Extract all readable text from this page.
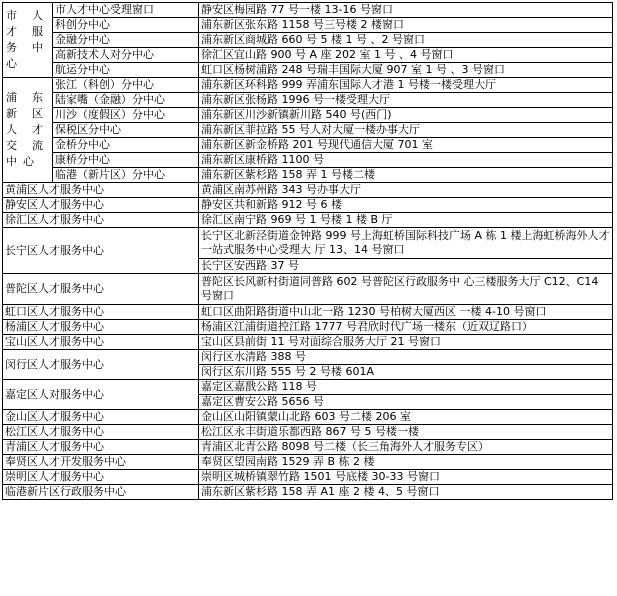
市人才服务中心	市人才中心受理窗口	静安区梅园路 77 号一楼 13-16 号窗口
	科创分中心	浦东新区张东路 1158 号三号楼 2 楼窗口
	金融分中心	浦东新区商城路 660 号 5 楼 1 号 、2 号窗口
	高新技术人对分中心	徐汇区宜山路 900 号 A 座 202 室 1 号 、4 号窗口
	航运分中心	虹口区杨树浦路 248 号瑞丰国际大厦 907 室 1 号 、3 号窗口
浦东新区人才交流中心	张江（科创）分中心	浦东新区环科路 999 弄浦东国际人才港 1 号楼一楼受理大厅
	陆家嘴（金融）分中心	浦东新区张杨路 1996 号一楼受理大厅
	川沙（度假区）分中心	浦东新区川沙新镇新川路 540 号(西门)
	保税区分中心	浦东新区菲拉路 55 号人对大厦一楼办事大厅
	金桥分中心	浦东新区新金桥路 201 号现代通信大厦 701 室
	康桥分中心	浦东新区康桥路 1100 号
	临港（新片区）分中心	浦东新区紫杉路 158 弄 1 号楼二楼
黄浦区人才服务中心		黄浦区南苏州路 343 号办事大厅
静安区人才服务中心		静安区共和新路 912 号 6 楼
徐汇区人才服务中心		徐汇区南宁路 969 号 1 号楼 1 楼 B 厅
长宁区人才服务中心		长宁区北新泾街道金钟路 999 号上海虹桥国际科技广场 A 栋 1 楼上海虹桥海外人才一站式服务中心受理大 厅 13、14 号窗口
		长宁区安西路 37 号
普陀区人才服务中心		普陀区长风新村街道同普路 602 号普陀区行政服务中 心三楼服务大厅 C12、C14 号窗口
虹口区人才服务中心		虹口区曲阳路街道中山北一路 1230 号柏树大厦西区 一楼 4-10 号窗口
杨浦区人才服务中心		杨浦区江浦街道控江路 1777 号君欣时代广场一楼东（近双辽路口）
宝山区人才服务中心		宝山区县前街 11 号对面综合服务大厅 21 号窗口
闵行区人才服务中心		闵行区水清路 388 号
		闵行区东川路 555 号 2 号楼 601A
嘉定区人对服务中心		嘉定区嘉戬公路 118 号
		嘉定区曹安公路 5656 号
金山区人才服务中心		金山区山阳镇蒙山北路 603 号二楼 206 室
松江区人才服务中心		松江区永丰街道乐都西路 867 号 5 号楼一楼
青浦区人才服务中心		青浦区北青公路 8098 号二楼（长三角海外人才服务专区）
奉贤区人才开发服务中心		奉贤区望园南路 1529 弄 B 栋 2 楼
崇明区人才服务中心		崇明区城桥镇翠竹路 1501 号底楼 30-33 号窗口
临港新片区行政服务中心		浦东新区紫杉路 158 弄 A1 座 2 楼 4、5 号窗口
